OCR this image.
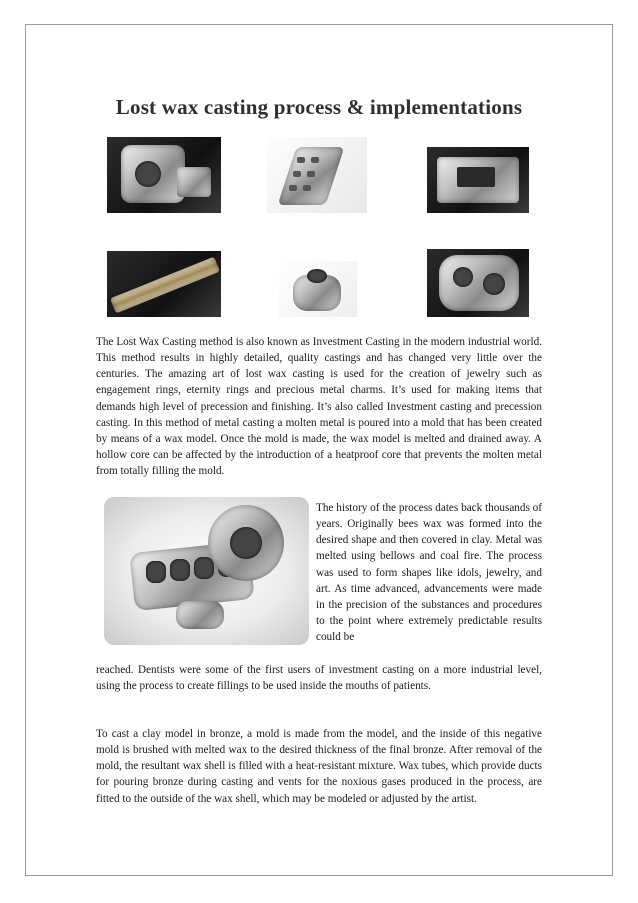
Lost wax casting process & implementations

The Lost Wax Casting method is also known as Investment Casting in the modern industrial world. This method results in highly detailed, quality castings and has changed very little over the centuries. The amazing art of lost wax casting is used for the creation of jewelry such as engagement rings, eternity rings and precious metal charms. It’s used for making items that demands high level of precession and finishing. It’s also called Investment casting and precession casting. In this method of metal casting a molten metal is poured into a mold that has been created by means of a wax model. Once the mold is made, the wax model is melted and drained away. A hollow core can be affected by the introduction of a heatproof core that prevents the molten metal from totally filling the mold.

The history of the process dates back thousands of years. Originally bees wax was formed into the desired shape and then covered in clay. Metal was melted using bellows and coal fire. The process was used to form shapes like idols, jewelry, and art. As time advanced, advancements were made in the precision of the substances and procedures to the point where extremely predictable results could be

reached. Dentists were some of the first users of investment casting on a more industrial level, using the process to create fillings to be used inside the mouths of patients.

To cast a clay model in bronze, a mold is made from the model, and the inside of this negative mold is brushed with melted wax to the desired thickness of the final bronze. After removal of the mold, the resultant wax shell is filled with a heat-resistant mixture. Wax tubes, which provide ducts for pouring bronze during casting and vents for the noxious gases produced in the process, are fitted to the outside of the wax shell, which may be modeled or adjusted by the artist.
